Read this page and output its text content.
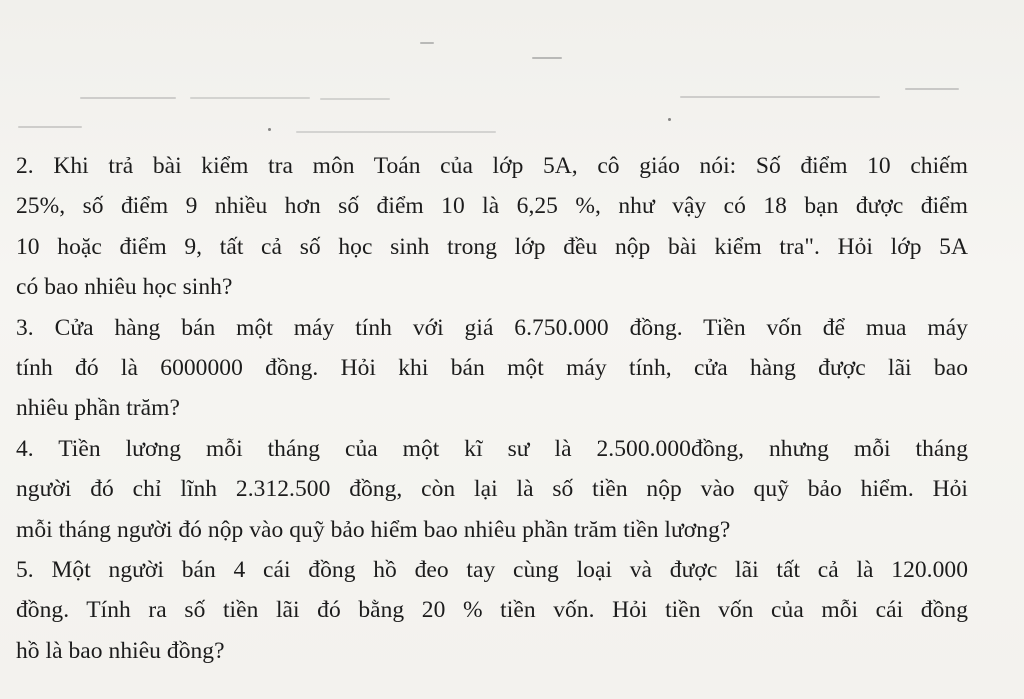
2. Khi trả bài kiểm tra môn Toán của lớp 5A, cô giáo nói: Số điểm 10 chiếm
25%, số điểm 9 nhiều hơn số điểm 10 là 6,25 %, như vậy có 18 bạn được điểm
10 hoặc điểm 9, tất cả số học sinh trong lớp đều nộp bài kiểm tra". Hỏi lớp 5A
có bao nhiêu học sinh?
3. Cửa hàng bán một máy tính với giá 6.750.000 đồng. Tiền vốn để mua máy
tính đó là 6000000 đồng. Hỏi khi bán một máy tính, cửa hàng được lãi bao
nhiêu phần trăm?
4. Tiền lương mỗi tháng của một kĩ sư là 2.500.000đồng, nhưng mỗi tháng
người đó chỉ lĩnh 2.312.500 đồng, còn lại là số tiền nộp vào quỹ bảo hiểm. Hỏi
mỗi tháng người đó nộp vào quỹ bảo hiểm bao nhiêu phần trăm tiền lương?
5. Một người bán 4 cái đồng hồ đeo tay cùng loại và được lãi tất cả là 120.000
đồng. Tính ra số tiền lãi đó bằng 20 % tiền vốn. Hỏi tiền vốn của mỗi cái đồng
hồ là bao nhiêu đồng?
